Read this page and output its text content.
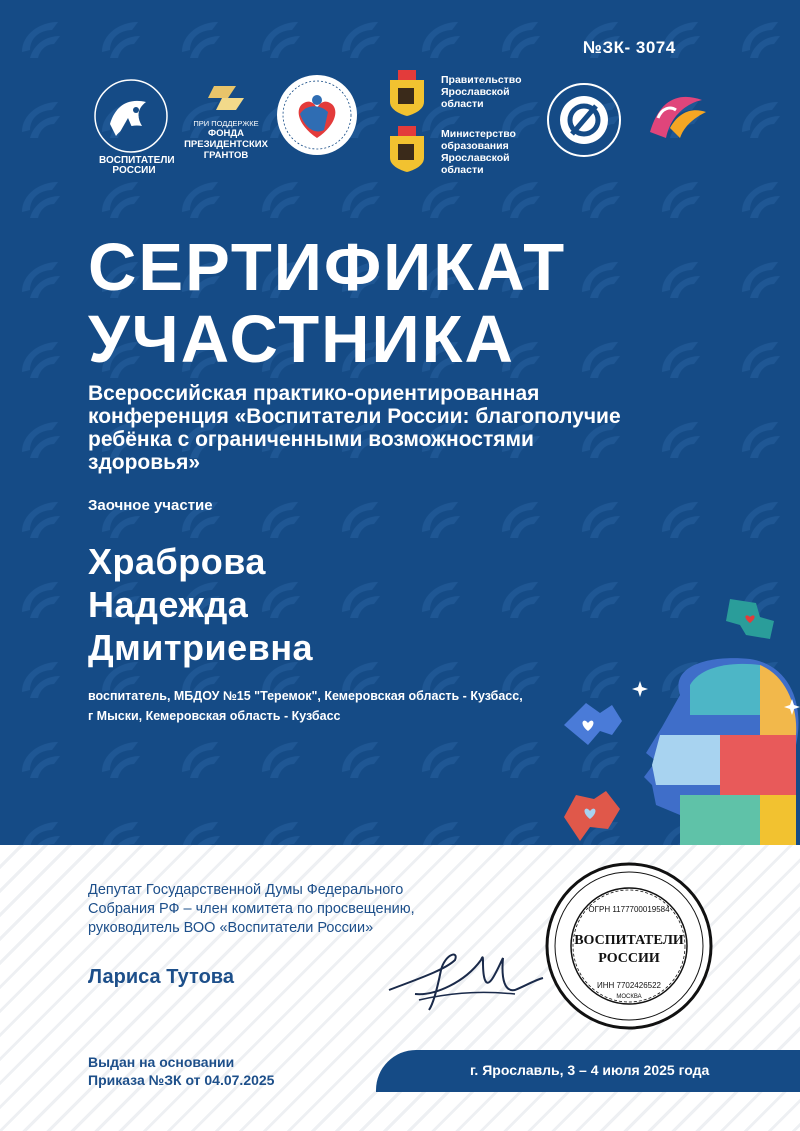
№ЗК- 3074
ВОСПИТАТЕЛИ РОССИИ
ПРИ ПОДДЕРЖКЕ
ФОНДА ПРЕЗИДЕНТСКИХ ГРАНТОВ
Правительство Ярославской области
Министерство образования Ярославской области
СЕРТИФИКАТ
УЧАСТНИКА
Всероссийская практико-ориентированная конференция «Воспитатели России: благополучие ребёнка с ограниченными возможностями здоровья»
Заочное участие
Храброва
Надежда
Дмитриевна
воспитатель, МБДОУ №15 "Теремок", Кемеровская область - Кузбасс,
г Мыски, Кемеровская область - Кузбасс
Депутат Государственной Думы Федерального Собрания РФ – член комитета по просвещению, руководитель ВОО «Воспитатели России»
Лариса Тутова
ВОСПИТАТЕЛИ
РОССИИ
ОГРН 1177700019584
ИНН 7702426522
МОСКВА
Выдан на основании
Приказа №ЗК от 04.07.2025
г. Ярославль, 3 – 4 июля 2025 года
